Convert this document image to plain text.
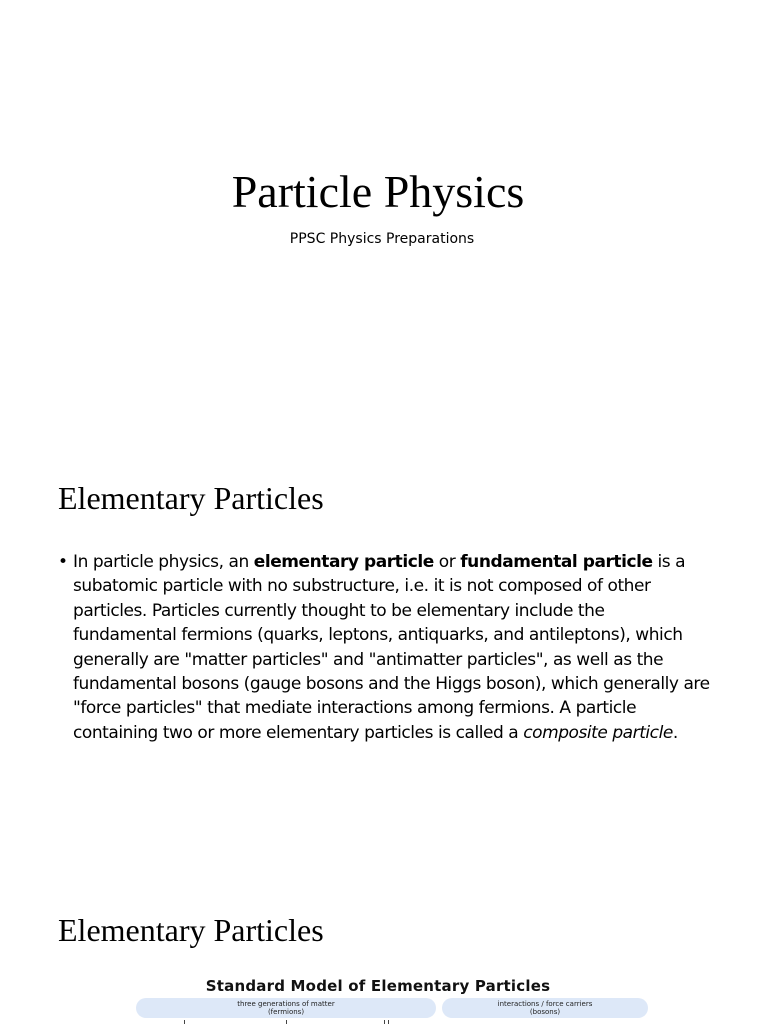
Particle Physics
PPSC Physics Preparations
Elementary Particles
• In particle physics, an elementary particle or fundamental particle is a subatomic particle with no substructure, i.e. it is not composed of other particles. Particles currently thought to be elementary include the fundamental fermions (quarks, leptons, antiquarks, and antileptons), which generally are "matter particles" and "antimatter particles", as well as the fundamental bosons (gauge bosons and the Higgs boson), which generally are "force particles" that mediate interactions among fermions. A particle containing two or more elementary particles is called a composite particle.
Elementary Particles
Standard Model of Elementary Particles
three generations of matter
(fermions)
interactions / force carriers
(bosons)
